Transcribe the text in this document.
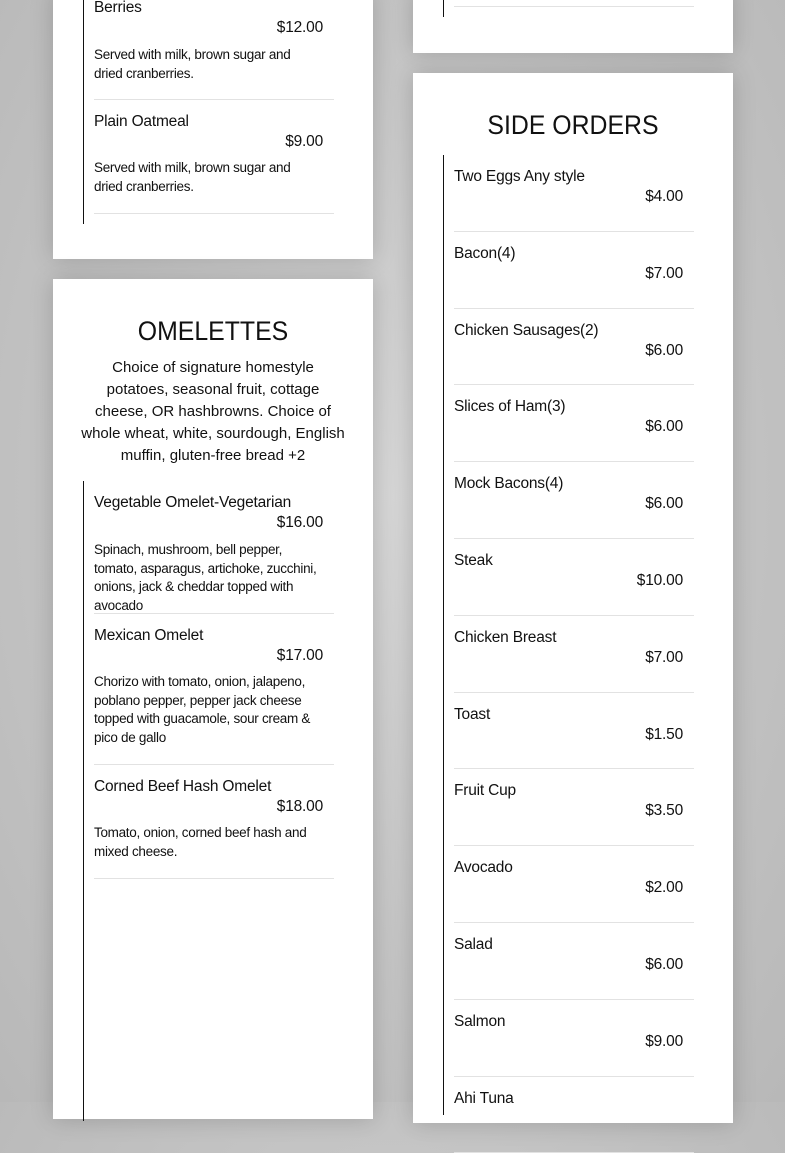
Berries
$12.00
Served with milk, brown sugar and dried cranberries.
Plain Oatmeal
$9.00
Served with milk, brown sugar and dried cranberries.
OMELETTES
Choice of signature homestyle potatoes, seasonal fruit, cottage cheese, OR hashbrowns. Choice of whole wheat, white, sourdough, English muffin, gluten-free bread +2
Vegetable Omelet-Vegetarian
$16.00
Spinach, mushroom, bell pepper, tomato, asparagus, artichoke, zucchini, onions, jack & cheddar topped with avocado
Mexican Omelet
$17.00
Chorizo with tomato, onion, jalapeno, poblano pepper, pepper jack cheese topped with guacamole, sour cream & pico de gallo
Corned Beef Hash Omelet
$18.00
Tomato, onion, corned beef hash and mixed cheese.
SIDE ORDERS
Two Eggs Any style
$4.00
Bacon(4)
$7.00
Chicken Sausages(2)
$6.00
Slices of Ham(3)
$6.00
Mock Bacons(4)
$6.00
Steak
$10.00
Chicken Breast
$7.00
Toast
$1.50
Fruit Cup
$3.50
Avocado
$2.00
Salad
$6.00
Salmon
$9.00
Ahi Tuna
